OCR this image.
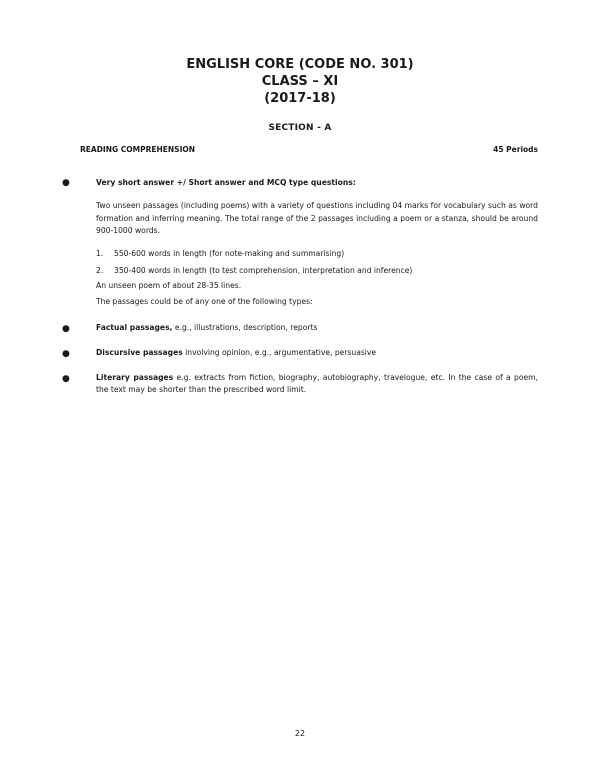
ENGLISH CORE (CODE NO. 301)

CLASS – XI

(2017-18)

SECTION - A
READING COMPREHENSION	45 Periods
●	Very short answer +/ Short answer and MCQ type questions:
Two unseen passages (including poems) with a variety of questions including 04 marks for vocabulary such as word formation and inferring meaning. The total range of the 2 passages including a poem or a stanza, should be around 900-1000 words.
1. 550-600 words in length (for note-making and summarising)
2. 350-400 words in length (to test comprehension, interpretation and inference)
An unseen poem of about 28-35 lines.
The passages could be of any one of the following types:
●	Factual passages, e.g., illustrations, description, reports
●	Discursive passages involving opinion, e.g., argumentative, persuasive
●	Literary passages e.g. extracts from fiction, biography, autobiography, travelogue, etc. In the case of a poem, the text may be shorter than the prescribed word limit.
22
